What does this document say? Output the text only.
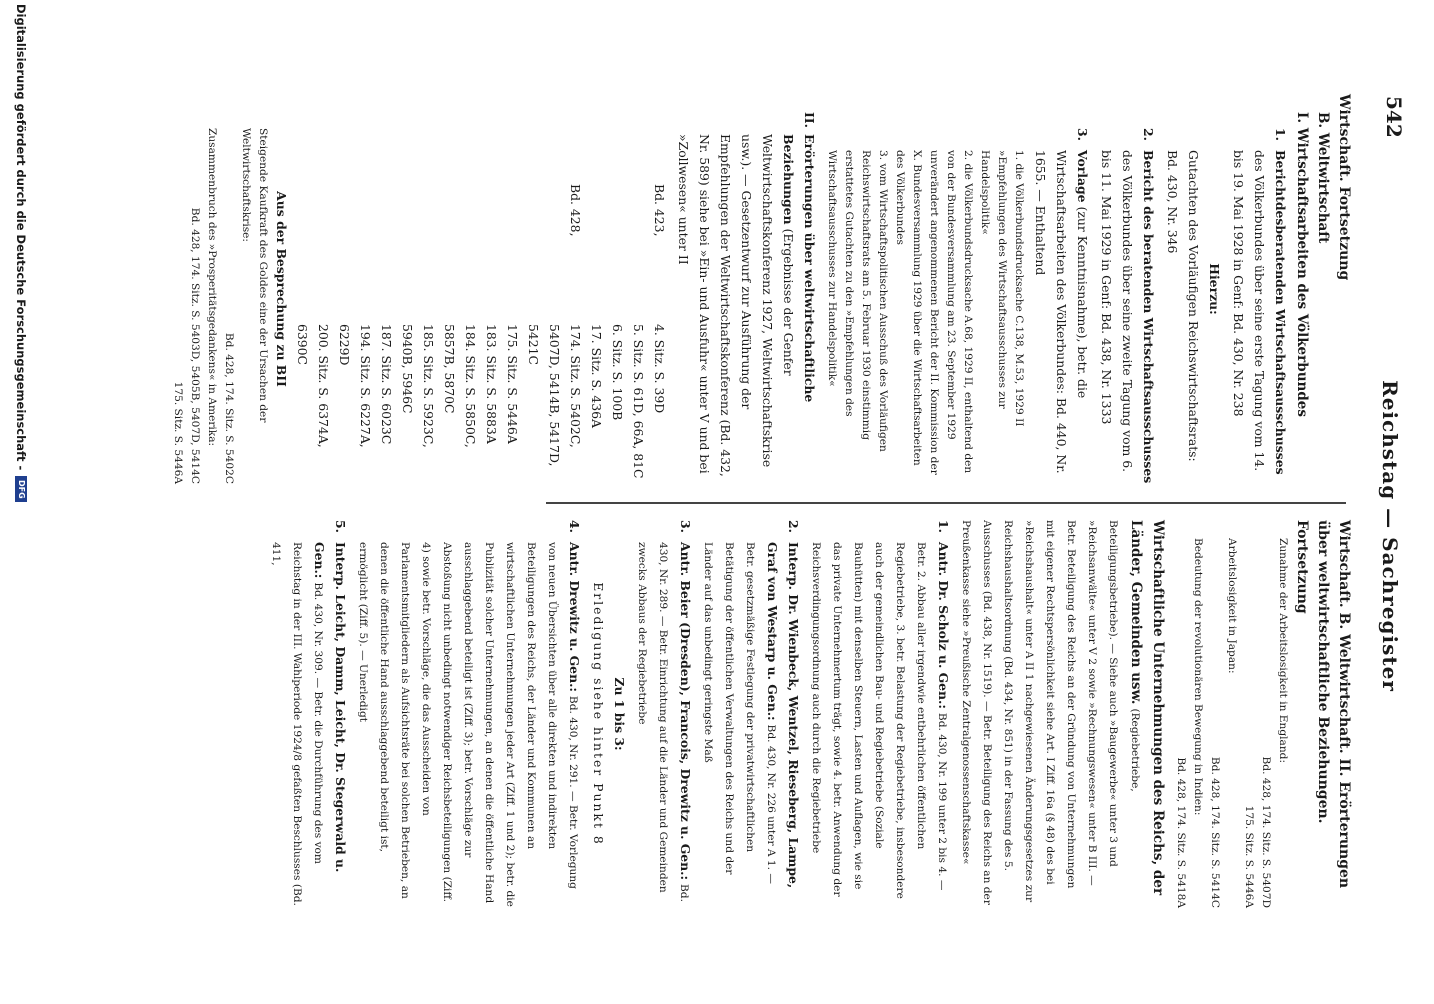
542
Reichstag — Sachregister
Wirtschaft. Fortsetzung
B. Weltwirtschaft
I. Wirtschaftsarbeiten des Völkerbundes
1.
Berichtdesberatenden Wirtschaftsausschusses des Völkerbundes über seine erste Tagung vom 14. bis 19. Mai 1928 in Genf: Bd. 430, Nr. 238
Hierzu:
Gutachten des Vorläufigen Reichswirtschaftsrats: Bd. 430, Nr. 346
2.
Bericht des beratenden Wirtschaftsausschusses des Völkerbundes über seine zweite Tagung vom 6. bis 11. Mai 1929 in Genf: Bd. 438, Nr. 1333
3.
Vorlage (zur Kenntnisnahme), betr. die Wirtschaftsarbeiten des Völkerbundes: Bd. 440, Nr. 1655. — Enthaltend
1. die Völkerbundsdrucksache C.138, M.53, 1929 II »Empfehlungen des Wirtschaftsausschusses zur Handelspolitik«
2. die Völkerbundsdrucksache A.68, 1929 II, enthaltend den von der Bundesversammlung am 23. September 1929 unverändert angenommenen Bericht der II. Kommission der X. Bundesversammlung 1929 über die Wirtschaftsarbeiten des Völkerbundes
3. vom Wirtschaftspolitischen Ausschuß des Vorläufigen Reichswirtschaftsrats am 5. Februar 1930 einstimmig erstattetes Gutachten zu den »Empfehlungen des Wirtschaftsausschusses zur Handelspolitik«
II.
Erörterungen über weltwirtschaftliche Beziehungen (Ergebnisse der Genfer Weltwirtschaftskonferenz 1927, Weltwirtschaftskrise usw.). — Gesetzentwurf zur Ausführung der Empfehlungen der Weltwirtschaftskonferenz (Bd. 432, Nr. 589) siehe bei »Ein- und Ausfuhr« unter V und bei »Zollwesen« unter II
Bd. 423,
4. Sitz. S. 39D
5. Sitz. S. 61D, 66A, 81C
6. Sitz. S. 100B
17. Sitz. S. 436A
Bd. 428,
174. Sitz. S. 5402C, 5407D, 5414B, 5417D, 5421C
175. Sitz. S. 5446A
183. Sitz. S. 5883A
184. Sitz. S. 5850C, 5857B, 5870C
185. Sitz. S. 5923C, 5940B, 5946C
187. Sitz. S. 6023C
194. Sitz. S. 6227A, 6229D
200. Sitz. S. 6374A, 6390C
Aus der Besprechung zu BII
Steigende Kaufkraft des Goldes eine der Ursachen der Weltwirtschaftskrise:
Bd. 428, 174. Sitz. S. 5402C
Zusammenbruch des »Prosperitätsgedankens« in Amerika:
Bd. 428, 174. Sitz. S. 5403D, 5405B, 5407D, 5414C
175. Sitz. S. 5446A
Wirtschaft. B. Weltwirtschaft. II. Erörterungen über weltwirtschaftliche Beziehungen. Fortsetzung
Zunahme der Arbeitslosigkeit in England:
Bd. 428, 174. Sitz. S. 5407D
175. Sitz. S. 5446A
Arbeitslosigkeit in Japan:
Bd. 428, 174. Sitz. S. 5414C
Bedeutung der revolutionären Bewegung in Indien:
Bd. 428, 174. Sitz. S. 5418A
Wirtschaftliche Unternehmungen des Reichs, der Länder, Gemeinden usw. (Regiebetriebe, Beteiligungsbetriebe). — Siehe auch »Baugewerbe« unter 3 und »Reichsanwälte« unter V 2 sowie »Rechnungswesen« unter B III. — Betr. Beteiligung des Reichs an der Gründung von Unternehmungen mit eigener Rechtspersönlichkeit siehe Art. I Ziff. 16a (§ 48) des bei »Reichshaushalt« unter A II 1 nachgewiesenen Änderungsgesetzes zur Reichshaushaltsordnung (Bd. 434, Nr. 851) in der Fassung des 5. Ausschusses (Bd. 438, Nr. 1519). — Betr. Beteiligung des Reichs an der Preußenkasse siehe »Preußische Zentralgenossenschaftskasse«
1.
Antr. Dr. Scholz u. Gen.: Bd. 430, Nr. 199 unter 2 bis 4. — Betr. 2. Abbau aller irgendwie entbehrlichen öffentlichen Regiebetriebe, 3. betr. Belastung der Regiebetriebe, insbesondere auch der gemeindlichen Bau- und Regiebetriebe (Soziale Bauhütten) mit denselben Steuern, Lasten und Auflagen, wie sie das private Unternehmertum trägt, sowie 4. betr. Anwendung der Reichsverdingungsordnung auch durch die Regiebetriebe
2.
Interp. Dr. Wienbeck, Wentzel, Rieseberg, Lampe, Graf von Westarp u. Gen.: Bd. 430, Nr. 226 unter A 1. — Betr. gesetzmäßige Festlegung der privatwirtschaftlichen Betätigung der öffentlichen Verwaltungen des Reichs und der Länder auf das unbedingt geringste Maß
3.
Antr. Beier (Dresden), Francois, Drewitz u. Gen.: Bd. 430, Nr. 289. — Betr. Einrichtung auf die Länder und Gemeinden zwecks Abbaus der Regiebetriebe
Zu 1 bis 3:
Erledigung siehe hinter Punkt 8
4.
Antr. Drewitz u. Gen.: Bd. 430, Nr. 291. — Betr. Vorlegung von neuen Übersichten über alle direkten und indirekten Beteiligungen des Reichs, der Länder und Kommunen an wirtschaftlichen Unternehmungen jeder Art (Ziff. 1 und 2); betr. die Publizität solcher Unternehmungen, an denen die öffentliche Hand ausschlaggebend beteiligt ist (Ziff. 3); betr. Vorschläge zur Abstoßung nicht unbedingt notwendiger Reichsbeteiligungen (Ziff. 4) sowie betr. Vorschläge, die das Ausscheiden von Parlamentsmitgliedern als Aufsichtsräte bei solchen Betrieben, an denen die öffentliche Hand ausschlaggebend beteiligt ist, ermöglicht (Ziff. 5). — Unerledigt
5.
Interp. Leicht, Damm, Leicht, Dr. Stegerwald u. Gen.: Bd. 430, Nr. 309. — Betr. die Durchführung des vom Reichstag in der III. Wahlperiode 1924/8 gefaßten Beschlusses (Bd. 411,
Digitalisierung gefördert durch die Deutsche Forschungsgemeinschaft -
DFG
